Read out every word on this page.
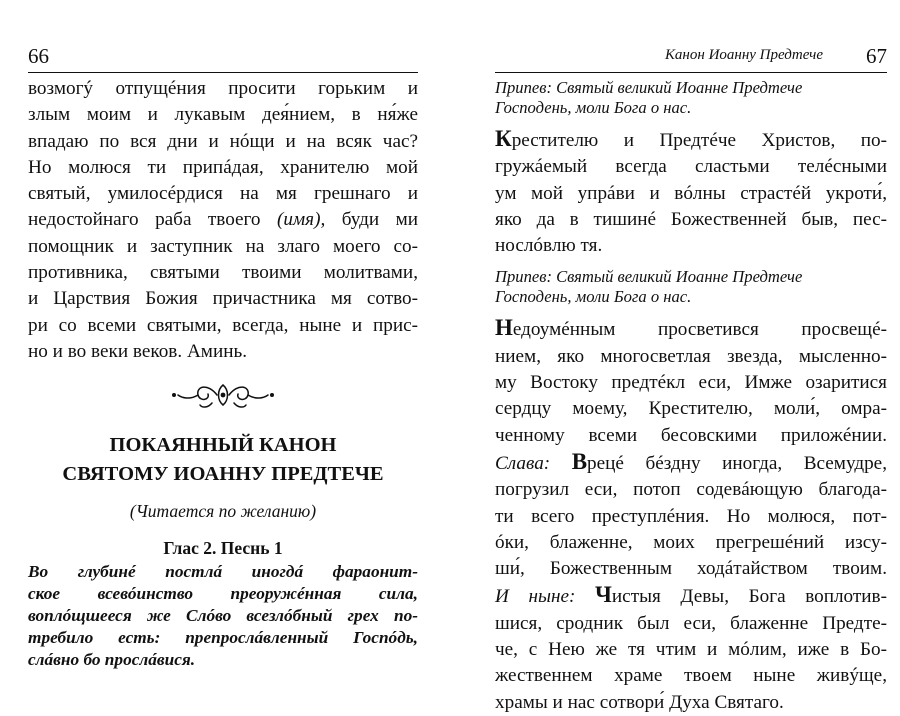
66
возмогý отпущéния просити горьким и
злым моим и лукавым дея́нием, в ня́же
впадаю по вся дни и нóщи и на всяк час?
Но молюся ти припáдая, хранителю мой
святый, умилосéрдися на мя грешнаго и
недостойнаго раба твоего (имя), буди ми
помощник и заступник на злаго моего со-
противника, святыми твоими молитвами,
и Царствия Божия причастника мя сотво-
ри со всеми святыми, всегда, ныне и прис-
но и во веки веков. Аминь.
ПОКАЯННЫЙ КАНОН
СВЯТОМУ ИОАННУ ПРЕДТЕЧЕ
(Читается по желанию)
Глас 2. Песнь 1
Во глубинé постлá иногдá фараонит-
ское всевóинство преоружéнная сила,
воплóщшееся же Слóво всезлóбный грех по-
требило есть: препрослáвленный Госпóдь,
слáвно бо прослáвися.
Канон Иоанну Предтече 67
Припев: Святый великий Иоанне Предтече
Господень, моли Бога о нас.
Крестителю и Предтéче Христов, по-
гружáемый всегда сластьми телéсными
ум мой упрáви и вóлны страстéй укроти́,
яко да в тишинé Божественней быв, пес-
нослóвлю тя.
Припев: Святый великий Иоанне Предтече
Господень, моли Бога о нас.
Недоумéнным просветився просвещé-
нием, яко многосветлая звезда, мысленно-
му Востоку предтéкл еси, Имже озаритися
сердцу моему, Крестителю, моли́, омра-
ченному всеми бесовскими приложéнии.
Слава: Врецé бéздну иногда, Всемудре,
погрузил еси, потоп содевáющую благода-
ти всего преступлéния. Но молюся, пот-
óки, блаженне, моих прегрешéний изсу-
ши́, Божественным ходáтайством твоим.
И ныне: Чистыя Девы, Бога воплотив-
шися, сродник был еси, блаженне Предте-
че, с Нею же тя чтим и мóлим, иже в Бо-
жественнем храме твоем ныне живýще,
храмы и нас сотвори́ Духа Святаго.
